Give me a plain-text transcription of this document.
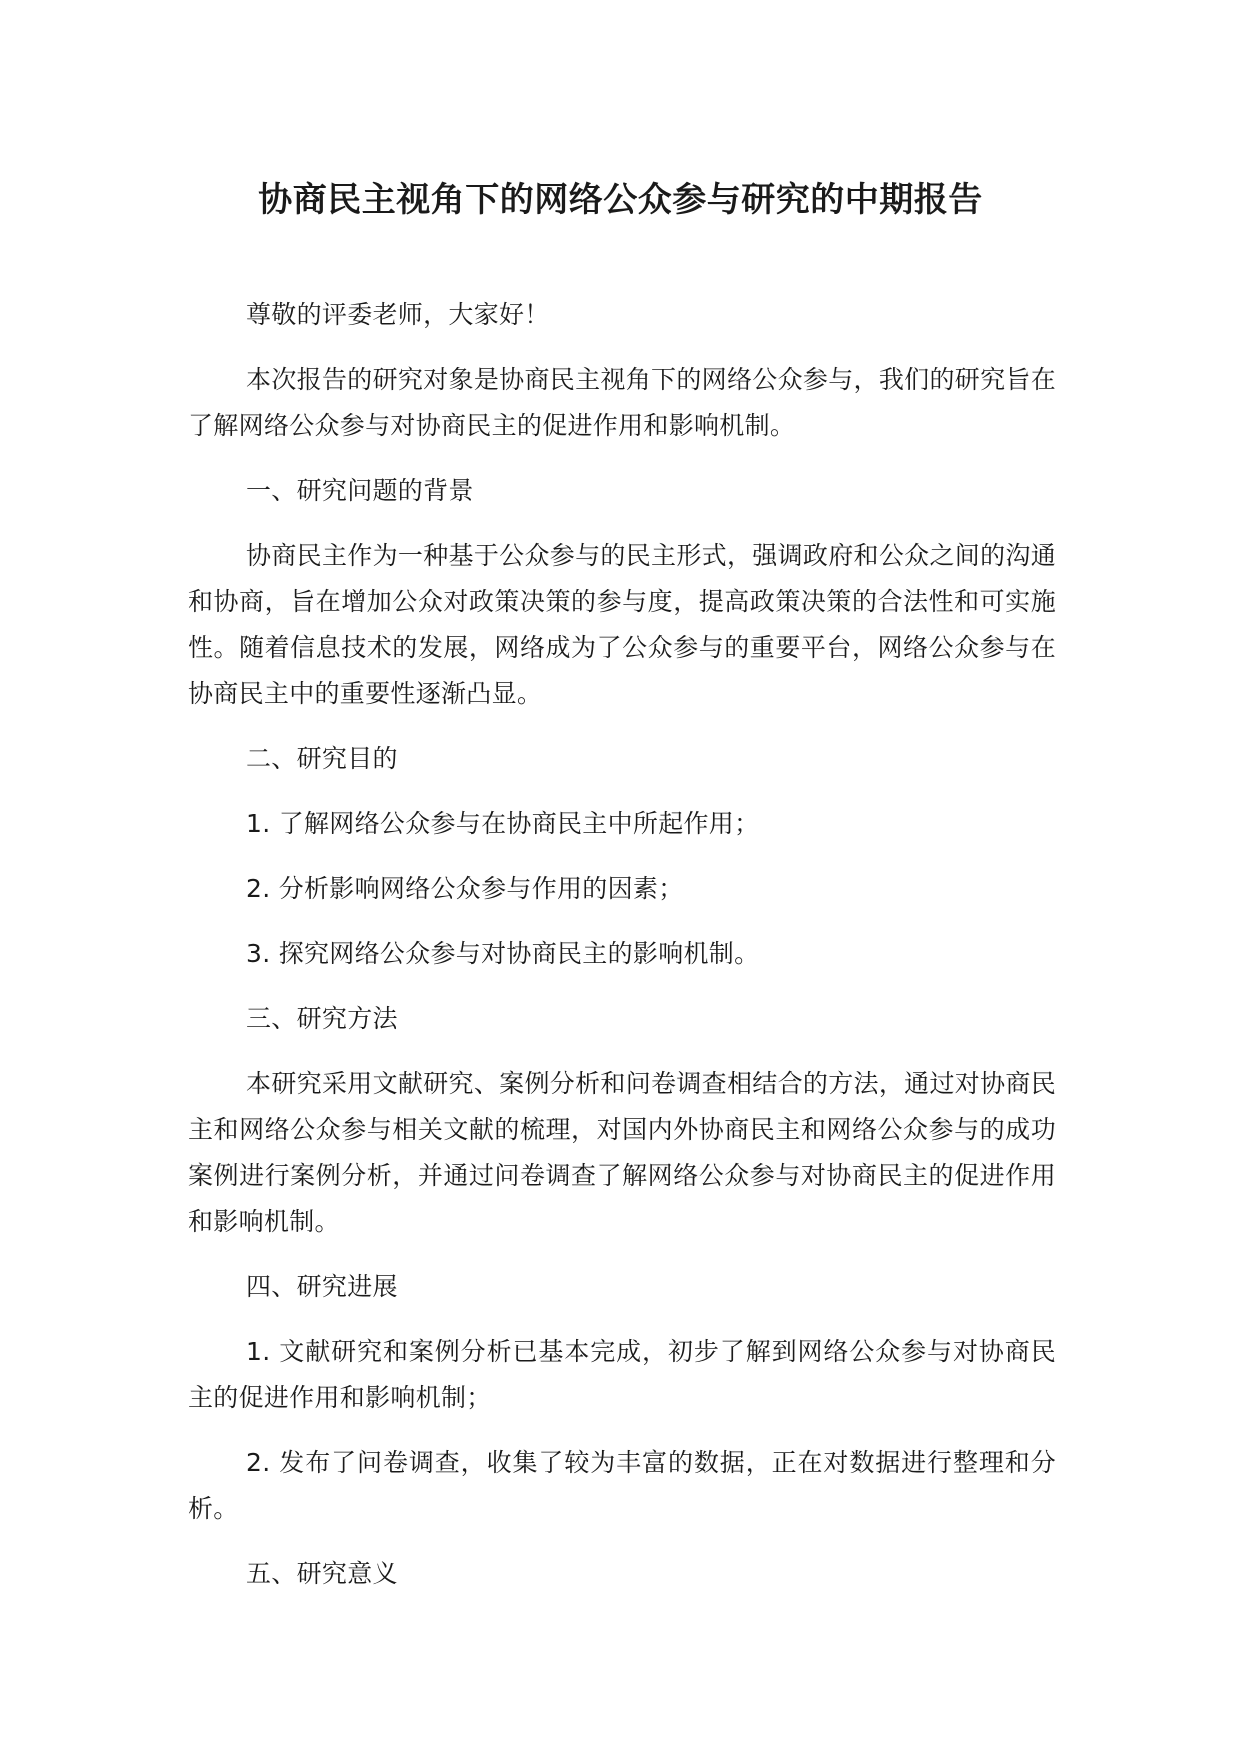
协商民主视角下的网络公众参与研究的中期报告

尊敬的评委老师，大家好！

本次报告的研究对象是协商民主视角下的网络公众参与，我们的研究旨在了解网络公众参与对协商民主的促进作用和影响机制。

一、研究问题的背景

协商民主作为一种基于公众参与的民主形式，强调政府和公众之间的沟通和协商，旨在增加公众对政策决策的参与度，提高政策决策的合法性和可实施性。随着信息技术的发展，网络成为了公众参与的重要平台，网络公众参与在协商民主中的重要性逐渐凸显。

二、研究目的

1. 了解网络公众参与在协商民主中所起作用；

2. 分析影响网络公众参与作用的因素；

3. 探究网络公众参与对协商民主的影响机制。

三、研究方法

本研究采用文献研究、案例分析和问卷调查相结合的方法，通过对协商民主和网络公众参与相关文献的梳理，对国内外协商民主和网络公众参与的成功案例进行案例分析，并通过问卷调查了解网络公众参与对协商民主的促进作用和影响机制。

四、研究进展

1. 文献研究和案例分析已基本完成，初步了解到网络公众参与对协商民主的促进作用和影响机制；

2. 发布了问卷调查，收集了较为丰富的数据，正在对数据进行整理和分析。

五、研究意义
